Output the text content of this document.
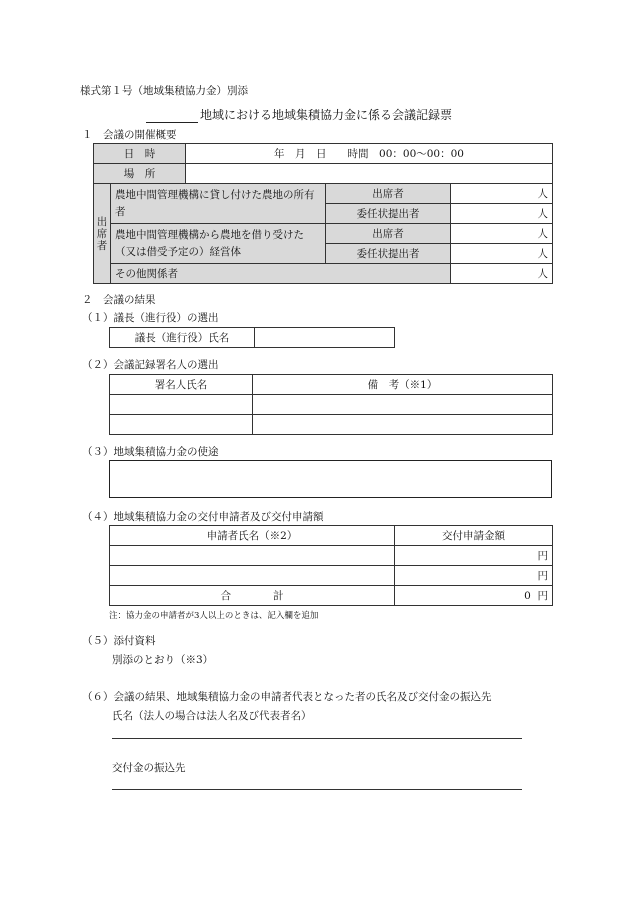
様式第１号（地域集積協力金）別添
地域における地域集積協力金に係る会議記録票
１　会議の開催概要
日　時		年　月　日　　時間　00：00～00：00		
場　所				
出席者	農地中間管理機構に貸し付けた農地の所有者		出席者	人
			委任状提出者	人
	農地中間管理機構から農地を借り受けた（又は借受予定の）経営体		出席者	人
			委任状提出者	人
	その他関係者			人
２　会議の結果
（１）議長（進行役）の選出
議長（進行役）氏名	
（２）会議記録署名人の選出
署名人氏名	備　考（※1）

（３）地域集積協力金の使途
（４）地域集積協力金の交付申請者及び交付申請額
申請者氏名（※2）	交付申請金額
	円
	円
合　　　　計	0 円
注：協力金の申請者が3人以上のときは、記入欄を追加
（５）添付資料
別添のとおり（※3）
（６）会議の結果、地域集積協力金の申請者代表となった者の氏名及び交付金の振込先
氏名（法人の場合は法人名及び代表者名）
交付金の振込先
